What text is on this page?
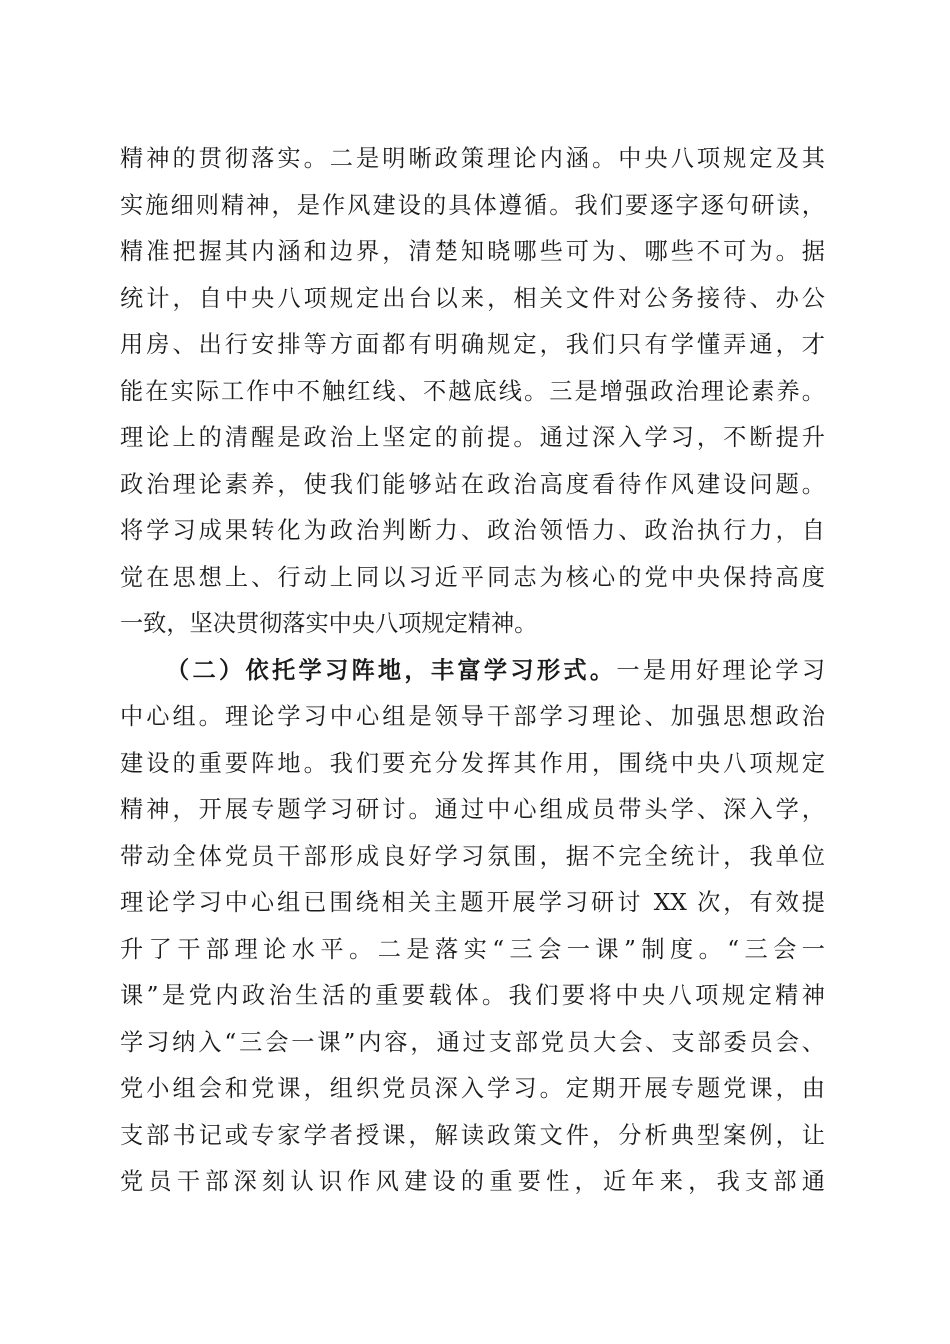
精神的贯彻落实。二是明晰政策理论内涵。中央八项规定及其
实施细则精神，是作风建设的具体遵循。我们要逐字逐句研读，
精准把握其内涵和边界，清楚知晓哪些可为、哪些不可为。据
统计，自中央八项规定出台以来，相关文件对公务接待、办公
用房、出行安排等方面都有明确规定，我们只有学懂弄通，才
能在实际工作中不触红线、不越底线。三是增强政治理论素养。
理论上的清醒是政治上坚定的前提。通过深入学习，不断提升
政治理论素养，使我们能够站在政治高度看待作风建设问题。
将学习成果转化为政治判断力、政治领悟力、政治执行力，自
觉在思想上、行动上同以习近平同志为核心的党中央保持高度
一致，坚决贯彻落实中央八项规定精神。
（二）依托学习阵地，丰富学习形式。一是用好理论学习
中心组。理论学习中心组是领导干部学习理论、加强思想政治
建设的重要阵地。我们要充分发挥其作用，围绕中央八项规定
精神，开展专题学习研讨。通过中心组成员带头学、深入学，
带动全体党员干部形成良好学习氛围，据不完全统计，我单位
理论学习中心组已围绕相关主题开展学习研讨 XX 次，有效提
升了干部理论水平。二是落实“三会一课”制度。“三会一
课”是党内政治生活的重要载体。我们要将中央八项规定精神
学习纳入“三会一课”内容，通过支部党员大会、支部委员会、
党小组会和党课，组织党员深入学习。定期开展专题党课，由
支部书记或专家学者授课，解读政策文件，分析典型案例，让
党员干部深刻认识作风建设的重要性，近年来，我支部通
